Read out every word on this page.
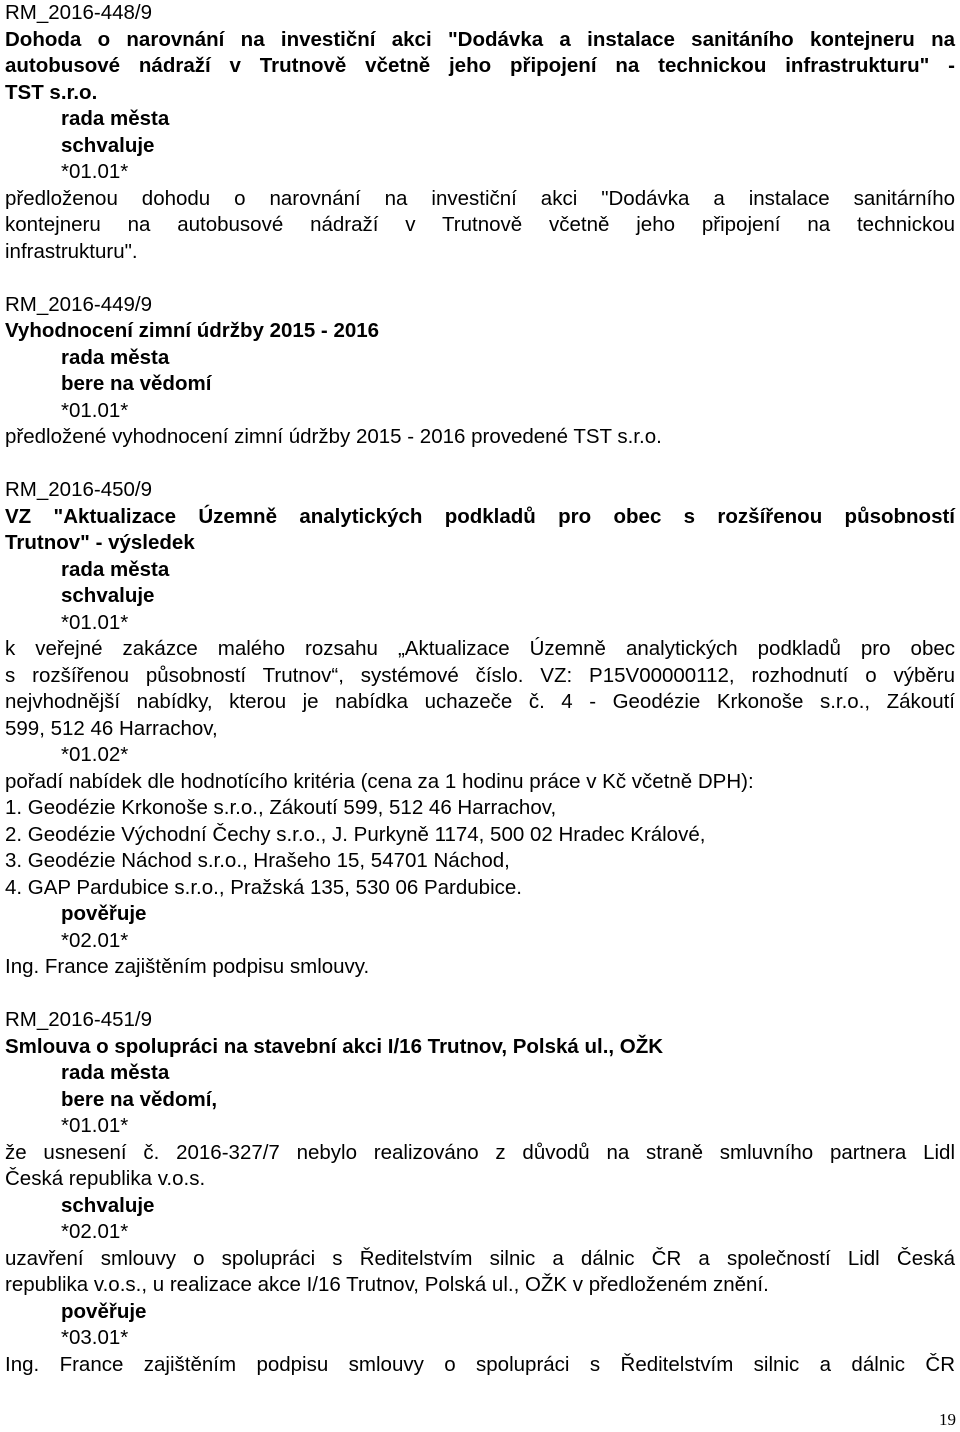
RM_2016-448/9

Dohoda o narovnání na investiční akci "Dodávka a instalace sanitáního kontejneru na

autobusové nádraží v Trutnově včetně jeho připojení na technickou infrastrukturu" -

TST s.r.o.

rada města

schvaluje

*01.01*

předloženou dohodu o narovnání na investiční akci "Dodávka a instalace sanitárního

kontejneru na autobusové nádraží v Trutnově včetně jeho připojení na technickou

infrastrukturu".

RM_2016-449/9

Vyhodnocení zimní údržby 2015 - 2016

rada města

bere na vědomí

*01.01*

předložené vyhodnocení zimní údržby 2015 - 2016 provedené TST s.r.o.

RM_2016-450/9

VZ "Aktualizace Územně analytických podkladů pro obec s rozšířenou působností

Trutnov" - výsledek

rada města

schvaluje

*01.01*

k veřejné zakázce malého rozsahu „Aktualizace Územně analytických podkladů pro obec

s rozšířenou působností Trutnov“, systémové číslo. VZ: P15V00000112, rozhodnutí o výběru

nejvhodnější nabídky, kterou je nabídka uchazeče č. 4 - Geodézie Krkonoše s.r.o., Zákoutí

599, 512 46 Harrachov,

*01.02*

pořadí nabídek dle hodnotícího kritéria (cena za 1 hodinu práce v Kč včetně DPH):

1. Geodézie Krkonoše s.r.o., Zákoutí 599, 512 46 Harrachov,

2. Geodézie Východní Čechy s.r.o., J. Purkyně 1174, 500 02 Hradec Králové,

3. Geodézie Náchod s.r.o., Hrašeho 15, 54701 Náchod,

4. GAP Pardubice s.r.o., Pražská 135, 530 06 Pardubice.

pověřuje

*02.01*

Ing. France zajištěním podpisu smlouvy.

RM_2016-451/9

Smlouva o spolupráci na stavební akci I/16 Trutnov, Polská ul., OŽK

rada města

bere na vědomí,

*01.01*

že usnesení č. 2016-327/7 nebylo realizováno z důvodů na straně smluvního partnera Lidl

Česká republika v.o.s.

schvaluje

*02.01*

uzavření smlouvy o spolupráci s Ředitelstvím silnic a dálnic ČR a společností Lidl Česká

republika v.o.s., u realizace akce I/16 Trutnov, Polská ul., OŽK v předloženém znění.

pověřuje

*03.01*

Ing. France zajištěním podpisu smlouvy o spolupráci s Ředitelstvím silnic a dálnic ČR

19
